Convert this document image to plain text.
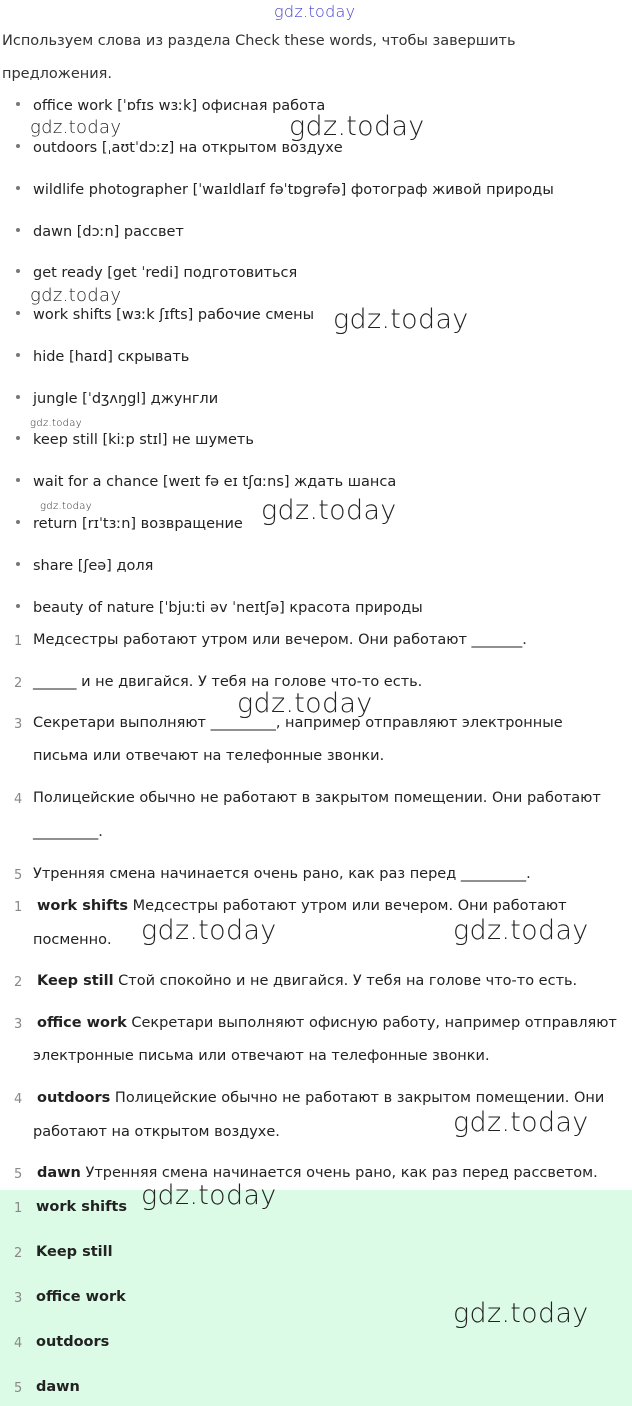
gdz.today
Используем слова из раздела Check these words, чтобы завершить
предложения.
office work [ˈɒfɪs wɜːk] офисная работа
outdoors [ˌaʊtˈdɔːz] на открытом воздухе
wildlife photographer [ˈwaɪldlaɪf fəˈtɒgrəfə] фотограф живой природы
dawn [dɔːn] рассвет
get ready [get ˈredi] подготовиться
work shifts [wɜːk ʃɪfts] рабочие смены
hide [haɪd] скрывать
jungle [ˈdʒʌŋgl] джунгли
keep still [kiːp stɪl] не шуметь
wait for a chance [weɪt fə eɪ tʃɑːns] ждать шанса
return [rɪˈtɜːn] возвращение
share [ʃeə] доля
beauty of nature [ˈbjuːti əv ˈneɪtʃə] красота природы
1 Медсестры работают утром или вечером. Они работают _______.
2 ______ и не двигайся. У тебя на голове что-то есть.
3 Секретари выполняют _________, например отправляют электронные
письма или отвечают на телефонные звонки.
4 Полицейские обычно не работают в закрытом помещении. Они работают
_________.
5 Утренняя смена начинается очень рано, как раз перед _________.
1 work shifts Медсестры работают утром или вечером. Они работают
посменно.
2 Keep still Стой спокойно и не двигайся. У тебя на голове что-то есть.
3 office work Секретари выполняют офисную работу, например отправляют
электронные письма или отвечают на телефонные звонки.
4 outdoors Полицейские обычно не работают в закрытом помещении. Они
работают на открытом воздухе.
5 dawn Утренняя смена начинается очень рано, как раз перед рассветом.
1 work shifts
2 Keep still
3 office work
4 outdoors
5 dawn
gdz.today	gdz.today
gdz.today
gdz.today
gdz.today
gdz.today	gdz.today
gdz.today
gdz.today	gdz.today
gdz.today
gdz.today
gdz.today
